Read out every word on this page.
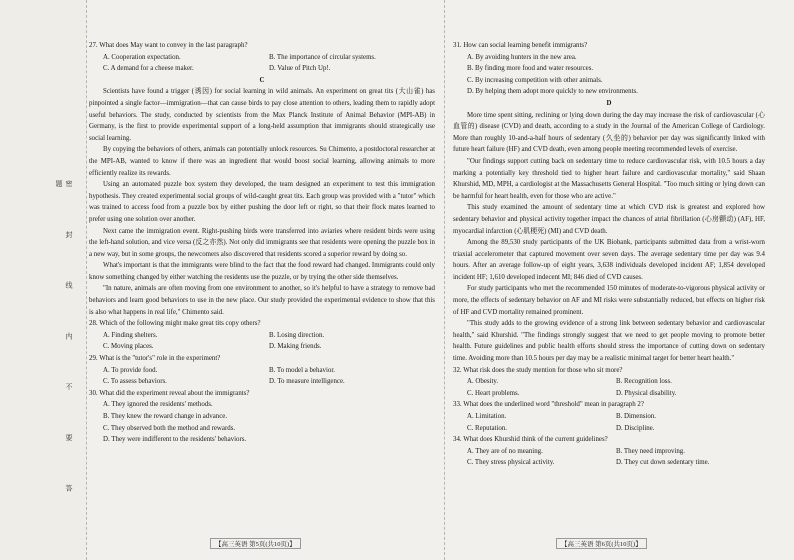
密 封 线 内 不 要 答 题

27. What does May want to convey in the last paragraph?

A. Cooperation expectation.	B. The importance of circular systems.
C. A demand for a cheese maker.	D. Value of Pitch Up!.

C

Scientists have found a trigger (诱因) for social learning in wild animals. An experiment on great tits (大山雀) has pinpointed a single factor—immigration—that can cause birds to pay close attention to others, leading them to rapidly adopt useful behaviors. The study, conducted by scientists from the Max Planck Institute of Animal Behavior (MPI-AB) in Germany, is the first to provide experimental support of a long-held assumption that immigrants should strategically use social learning.

By copying the behaviors of others, animals can potentially unlock resources. Su Chimento, a postdoctoral researcher at the MPI-AB, wanted to know if there was an ingredient that would boost social learning, allowing animals to more efficiently realize its rewards.

Using an automated puzzle box system they developed, the team designed an experiment to test this immigration hypothesis. They created experimental social groups of wild-caught great tits. Each group was provided with a "tutor" which was trained to access food from a puzzle box by either pushing the door left or right, so that their flock mates learned to prefer using one solution over another.

Next came the immigration event. Right-pushing birds were transferred into aviaries where resident birds were using the left-hand solution, and vice versa (反之亦然). Not only did immigrants see that residents were opening the puzzle box in a new way, but in some groups, the newcomers also discovered that residents scored a superior reward by doing so.

What's important is that the immigrants were blind to the fact that the food reward had changed. Immigrants could only know something changed by either watching the residents use the puzzle, or by trying the other side themselves.

"In nature, animals are often moving from one environment to another, so it's helpful to have a strategy to remove bad behaviors and learn good behaviors to use in the new place. Our study provided the experimental evidence to show that this is also what happens in real life," Chimento said.

28. Which of the following might make great tits copy others?

A. Finding shelters.	B. Losing direction.
C. Moving places.	D. Making friends.

29. What is the "tutor's" role in the experiment?

A. To provide food.	B. To model a behavior.
C. To assess behaviors.	D. To measure intelligence.

30. What did the experiment reveal about the immigrants?

A. They ignored the residents' methods.
B. They knew the reward change in advance.
C. They observed both the method and rewards.
D. They were indifferent to the residents' behaviors.
【高三英语 第5页(共10页)】

31. How can social learning benefit immigrants?

A. By avoiding hunters in the new area.
B. By finding more food and water resources.
C. By increasing competition with other animals.
D. By helping them adopt more quickly to new environments.

D

More time spent sitting, reclining or lying down during the day may increase the risk of cardiovascular (心血管的) disease (CVD) and death, according to a study in the Journal of the American College of Cardiology. More than roughly 10-and-a-half hours of sedentary (久坐的) behavior per day was significantly linked with future heart failure (HF) and CVD death, even among people meeting recommended levels of exercise.

"Our findings support cutting back on sedentary time to reduce cardiovascular risk, with 10.5 hours a day marking a potentially key threshold tied to higher heart failure and cardiovascular mortality," said Shaan Khurshid, MD, MPH, a cardiologist at the Massachusetts General Hospital. "Too much sitting or lying down can be harmful for heart health, even for those who are active."

This study examined the amount of sedentary time at which CVD risk is greatest and explored how sedentary behavior and physical activity together impact the chances of atrial fibrillation (心房颤动) (AF), HF, myocardial infarction (心肌梗死) (MI) and CVD death.

Among the 89,530 study participants of the UK Biobank, participants submitted data from a wrist-worn triaxial accelerometer that captured movement over seven days. The average sedentary time per day was 9.4 hours. After an average follow-up of eight years, 3,638 individuals developed incident AF; 1,854 developed incident HF; 1,610 developed indecent MI; 846 died of CVD causes.

For study participants who met the recommended 150 minutes of moderate-to-vigorous physical activity or more, the effects of sedentary behavior on AF and MI risks were substantially reduced, but effects on higher risk of HF and CVD mortality remained prominent.

"This study adds to the growing evidence of a strong link between sedentary behavior and cardiovascular health," said Khurshid. "The findings strongly suggest that we need to get people moving to promote better health. Future guidelines and public health efforts should stress the importance of cutting down on sedentary time. Avoiding more than 10.5 hours per day may be a realistic minimal target for better heart health."

32. What risk does the study mention for those who sit more?

A. Obesity.	B. Recognition loss.
C. Heart problems.	D. Physical disability.

33. What does the underlined word "threshold" mean in paragraph 2?

A. Limitation.	B. Dimension.
C. Reputation.	D. Discipline.

34. What does Khurshid think of the current guidelines?

A. They are of no meaning.	B. They need improving.
C. They stress physical activity.	D. They cut down sedentary time.
【高三英语 第6页(共10页)】
